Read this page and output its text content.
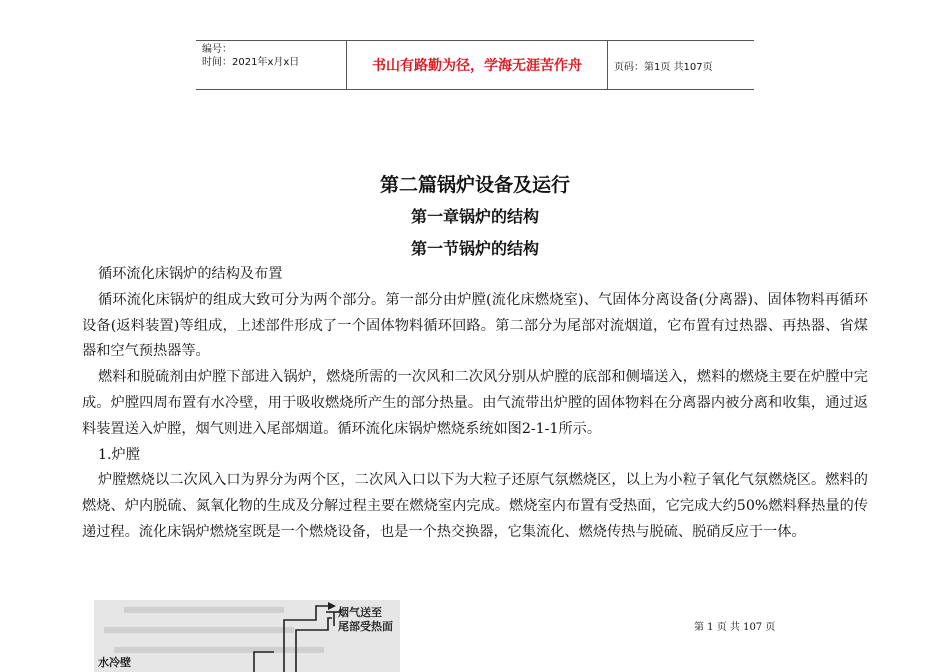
编号：
时间：2021年x月x日	书山有路勤为径，学海无涯苦作舟	页码：第1页 共107页
第二篇锅炉设备及运行
第一章锅炉的结构
第一节锅炉的结构

循环流化床锅炉的结构及布置

循环流化床锅炉的组成大致可分为两个部分。第一部分由炉膛(流化床燃烧室)、气固体分离设备(分离器)、固体物料再循环设备(返料装置)等组成，上述部件形成了一个固体物料循环回路。第二部分为尾部对流烟道，它布置有过热器、再热器、省煤器和空气预热器等。

燃料和脱硫剂由炉膛下部进入锅炉，燃烧所需的一次风和二次风分别从炉膛的底部和侧墙送入，燃料的燃烧主要在炉膛中完成。炉膛四周布置有水冷壁，用于吸收燃烧所产生的部分热量。由气流带出炉膛的固体物料在分离器内被分离和收集，通过返料装置送入炉膛，烟气则进入尾部烟道。循环流化床锅炉燃烧系统如图2-1-1所示。

1.炉膛

炉膛燃烧以二次风入口为界分为两个区，二次风入口以下为大粒子还原气氛燃烧区，以上为小粒子氧化气氛燃烧区。燃料的燃烧、炉内脱硫、氮氧化物的生成及分解过程主要在燃烧室内完成。燃烧室内布置有受热面，它完成大约50%燃料释热量的传递过程。流化床锅炉燃烧室既是一个燃烧设备，也是一个热交换器，它集流化、燃烧传热与脱硫、脱硝反应于一体。

烟气送至
尾部受热面
水冷壁
第 1 页 共 107 页
